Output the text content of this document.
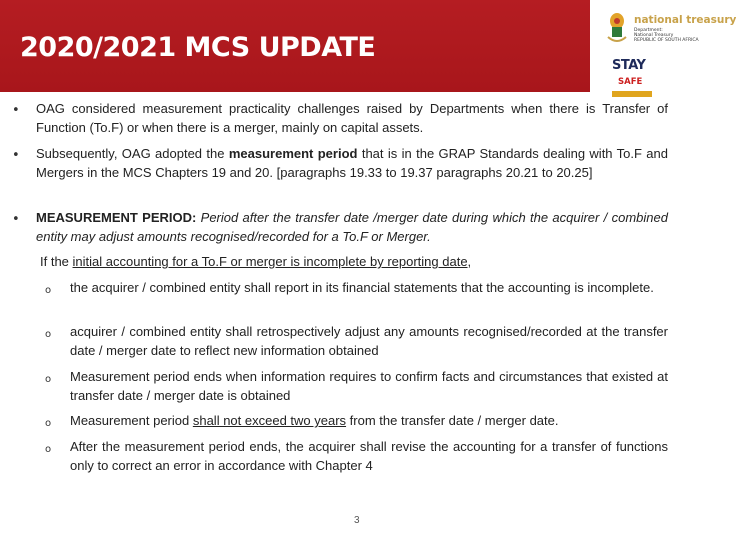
2020/2021 MCS UPDATE
national treasury
Department:
National Treasury
REPUBLIC OF SOUTH AFRICA
STAY
SAFE
• OAG considered measurement practicality challenges raised by Departments when there is Transfer of Function (To.F) or when there is a merger, mainly on capital assets.
• Subsequently, OAG adopted the measurement period that is in the GRAP Standards dealing with To.F and Mergers in the MCS Chapters 19 and 20. [paragraphs 19.33 to 19.37 paragraphs 20.21 to 20.25]
• MEASUREMENT PERIOD: Period after the transfer date /merger date during which the acquirer / combined entity may adjust amounts recognised/recorded for a To.F or Merger.
If the initial accounting for a To.F or merger is incomplete by reporting date,
o the acquirer / combined entity shall report in its financial statements that the accounting is incomplete.
o acquirer / combined entity shall retrospectively adjust any amounts recognised/recorded at the transfer date / merger date to reflect new information obtained
o Measurement period ends when information requires to confirm facts and circumstances that existed at transfer date / merger date is obtained
o Measurement period shall not exceed two years from the transfer date / merger date.
o After the measurement period ends, the acquirer shall revise the accounting for a transfer of functions only to correct an error in accordance with Chapter 4
3
